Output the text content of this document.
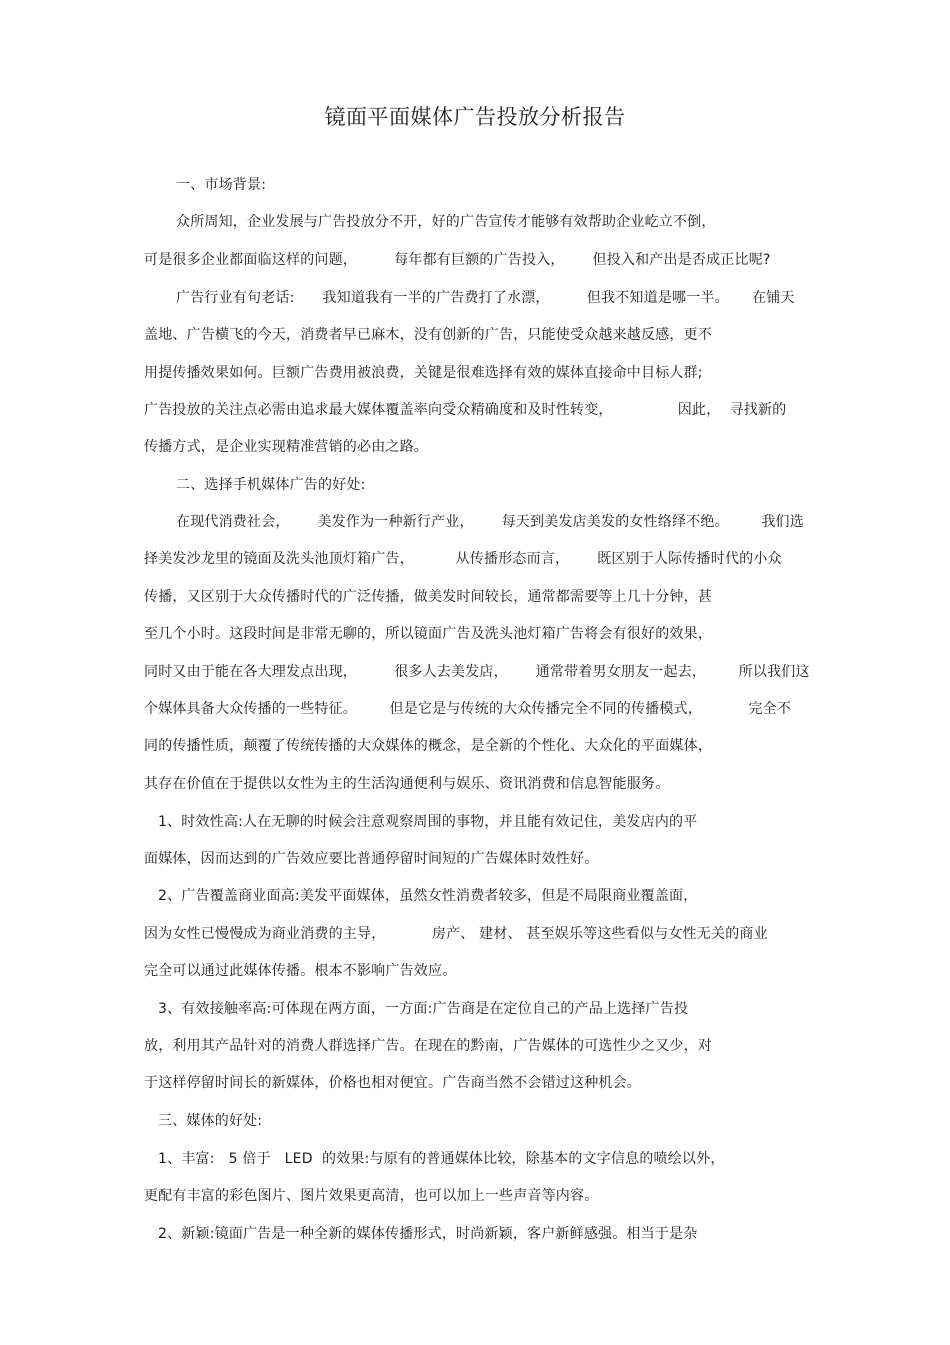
镜面平面媒体广告投放分析报告
一、市场背景:
众所周知，企业发展与广告投放分不开，好的广告宣传才能够有效帮助企业屹立不倒，
可是很多企业都面临这样的问题，        每年都有巨额的广告投入，      但投入和产出是否成正比呢?
广告行业有句老话:      我知道我有一半的广告费打了水漂，        但我不知道是哪一半。     在铺天
盖地、广告横飞的今天，消费者早已麻木，没有创新的广告，只能使受众越来越反感，更不
用提传播效果如何。巨额广告费用被浪费，关键是很难选择有效的媒体直接命中目标人群;
广告投放的关注点必需由追求最大媒体覆盖率向受众精确度和及时性转变，              因此，  寻找新的
传播方式，是企业实现精准营销的必由之路。
二、选择手机媒体广告的好处:
在现代消费社会，      美发作为一种新行产业，      每天到美发店美发的女性络绎不绝。       我们选
择美发沙龙里的镜面及洗头池顶灯箱广告，         从传播形态而言，      既区别于人际传播时代的小众
传播，又区别于大众传播时代的广泛传播，做美发时间较长，通常都需要等上几十分钟，甚
至几个小时。这段时间是非常无聊的，所以镜面广告及洗头池灯箱广告将会有很好的效果，
同时又由于能在各大理发点出现，        很多人去美发店，      通常带着男女朋友一起去，       所以我们这
个媒体具备大众传播的一些特征。       但是它是与传统的大众传播完全不同的传播模式，          完全不
同的传播性质，颠覆了传统传播的大众媒体的概念，是全新的个性化、大众化的平面媒体，
其存在价值在于提供以女性为主的生活沟通便利与娱乐、资讯消费和信息智能服务。
1、时效性高:人在无聊的时候会注意观察周围的事物，并且能有效记住，美发店内的平
面媒体，因而达到的广告效应要比普通停留时间短的广告媒体时效性好。
2、广告覆盖商业面高:美发平面媒体，虽然女性消费者较多，但是不局限商业覆盖面，
因为女性已慢慢成为商业消费的主导，          房产、 建材、 甚至娱乐等这些看似与女性无关的商业
完全可以通过此媒体传播。根本不影响广告效应。
3、有效接触率高:可体现在两方面，一方面:广告商是在定位自己的产品上选择广告投
放，利用其产品针对的消费人群选择广告。在现在的黔南，广告媒体的可选性少之又少，对
于这样停留时间长的新媒体，价格也相对便宜。广告商当然不会错过这种机会。
三、媒体的好处:
1、丰富:   5 倍于   LED  的效果:与原有的普通媒体比较，除基本的文字信息的喷绘以外，
更配有丰富的彩色图片、图片效果更高清，也可以加上一些声音等内容。
2、新颖:镜面广告是一种全新的媒体传播形式，时尚新颖，客户新鲜感强。相当于是杂
